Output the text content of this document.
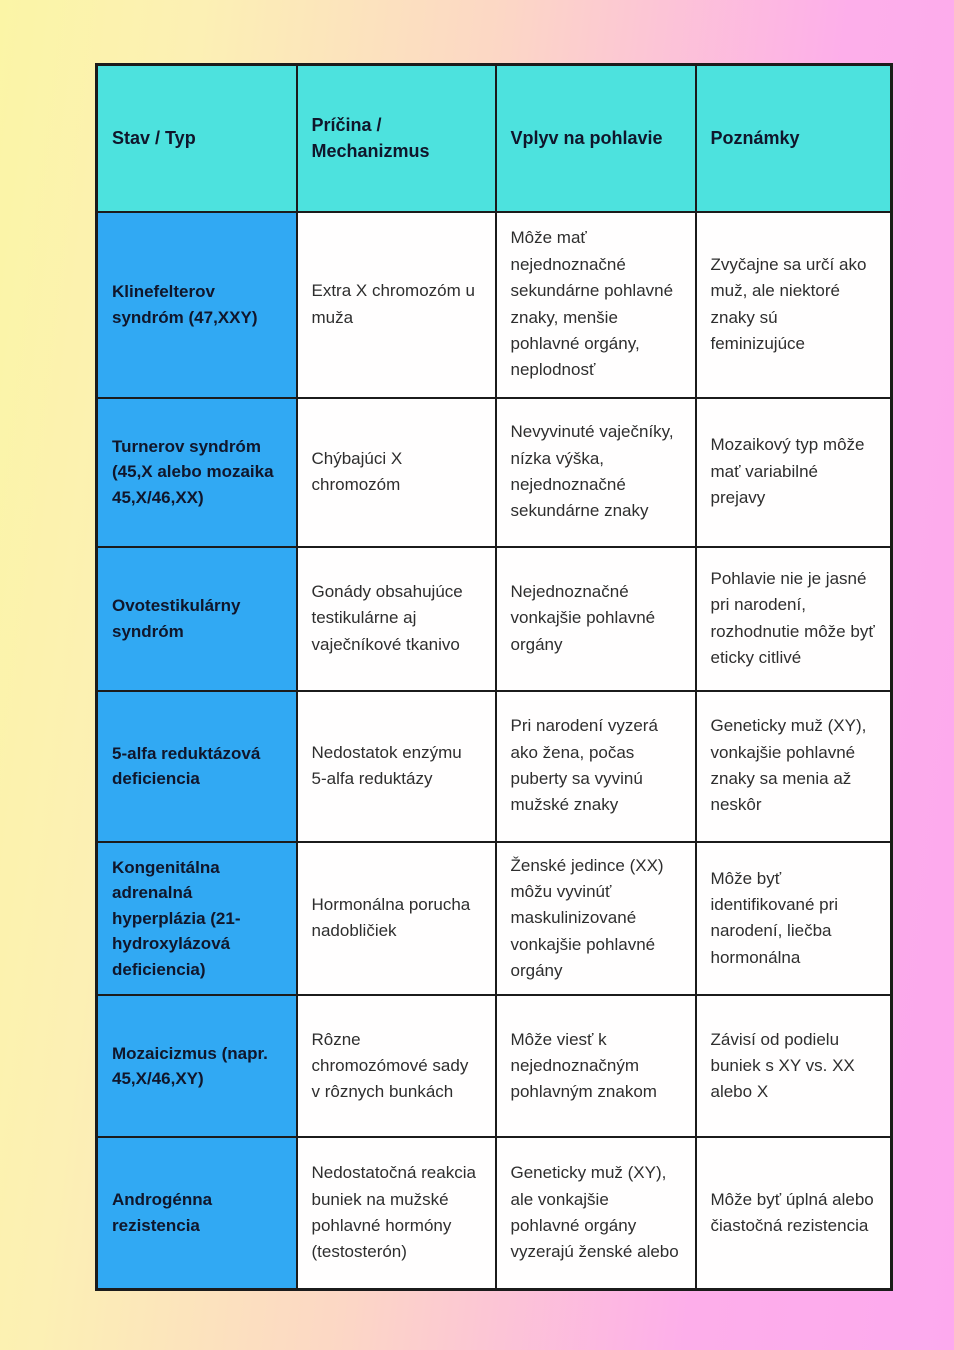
Stav / Typ	Príčina / Mechanizmus	Vplyv na pohlavie	Poznámky
Klinefelterov syndróm (47,XXY)	Extra X chromozóm u muža	Môže mať nejednoznačné sekundárne pohlavné znaky, menšie pohlavné orgány, neplodnosť	Zvyčajne sa určí ako muž, ale niektoré znaky sú feminizujúce
Turnerov syndróm (45,X alebo mozaika 45,X/46,XX)	Chýbajúci X chromozóm	Nevyvinuté vaječníky, nízka výška, nejednoznačné sekundárne znaky	Mozaikový typ môže mať variabilné prejavy
Ovotestikulárny syndróm	Gonády obsahujúce testikulárne aj vaječníkové tkanivo	Nejednoznačné vonkajšie pohlavné orgány	Pohlavie nie je jasné pri narodení, rozhodnutie môže byť eticky citlivé
5-alfa reduktázová deficiencia	Nedostatok enzýmu 5-alfa reduktázy	Pri narodení vyzerá ako žena, počas puberty sa vyvinú mužské znaky	Geneticky muž (XY), vonkajšie pohlavné znaky sa menia až neskôr
Kongenitálna adrenalná hyperplázia (21-hydroxylázová deficiencia)	Hormonálna porucha nadobličiek	Ženské jedince (XX) môžu vyvinúť maskulinizované vonkajšie pohlavné orgány	Môže byť identifikované pri narodení, liečba hormonálna
Mozaicizmus (napr. 45,X/46,XY)	Rôzne chromozómové sady v rôznych bunkách	Môže viesť k nejednoznačným pohlavným znakom	Závisí od podielu buniek s XY vs. XX alebo X
Androgénna rezistencia	Nedostatočná reakcia buniek na mužské pohlavné hormóny (testosterón)	Geneticky muž (XY), ale vonkajšie pohlavné orgány vyzerajú ženské alebo	Môže byť úplná alebo čiastočná rezistencia
